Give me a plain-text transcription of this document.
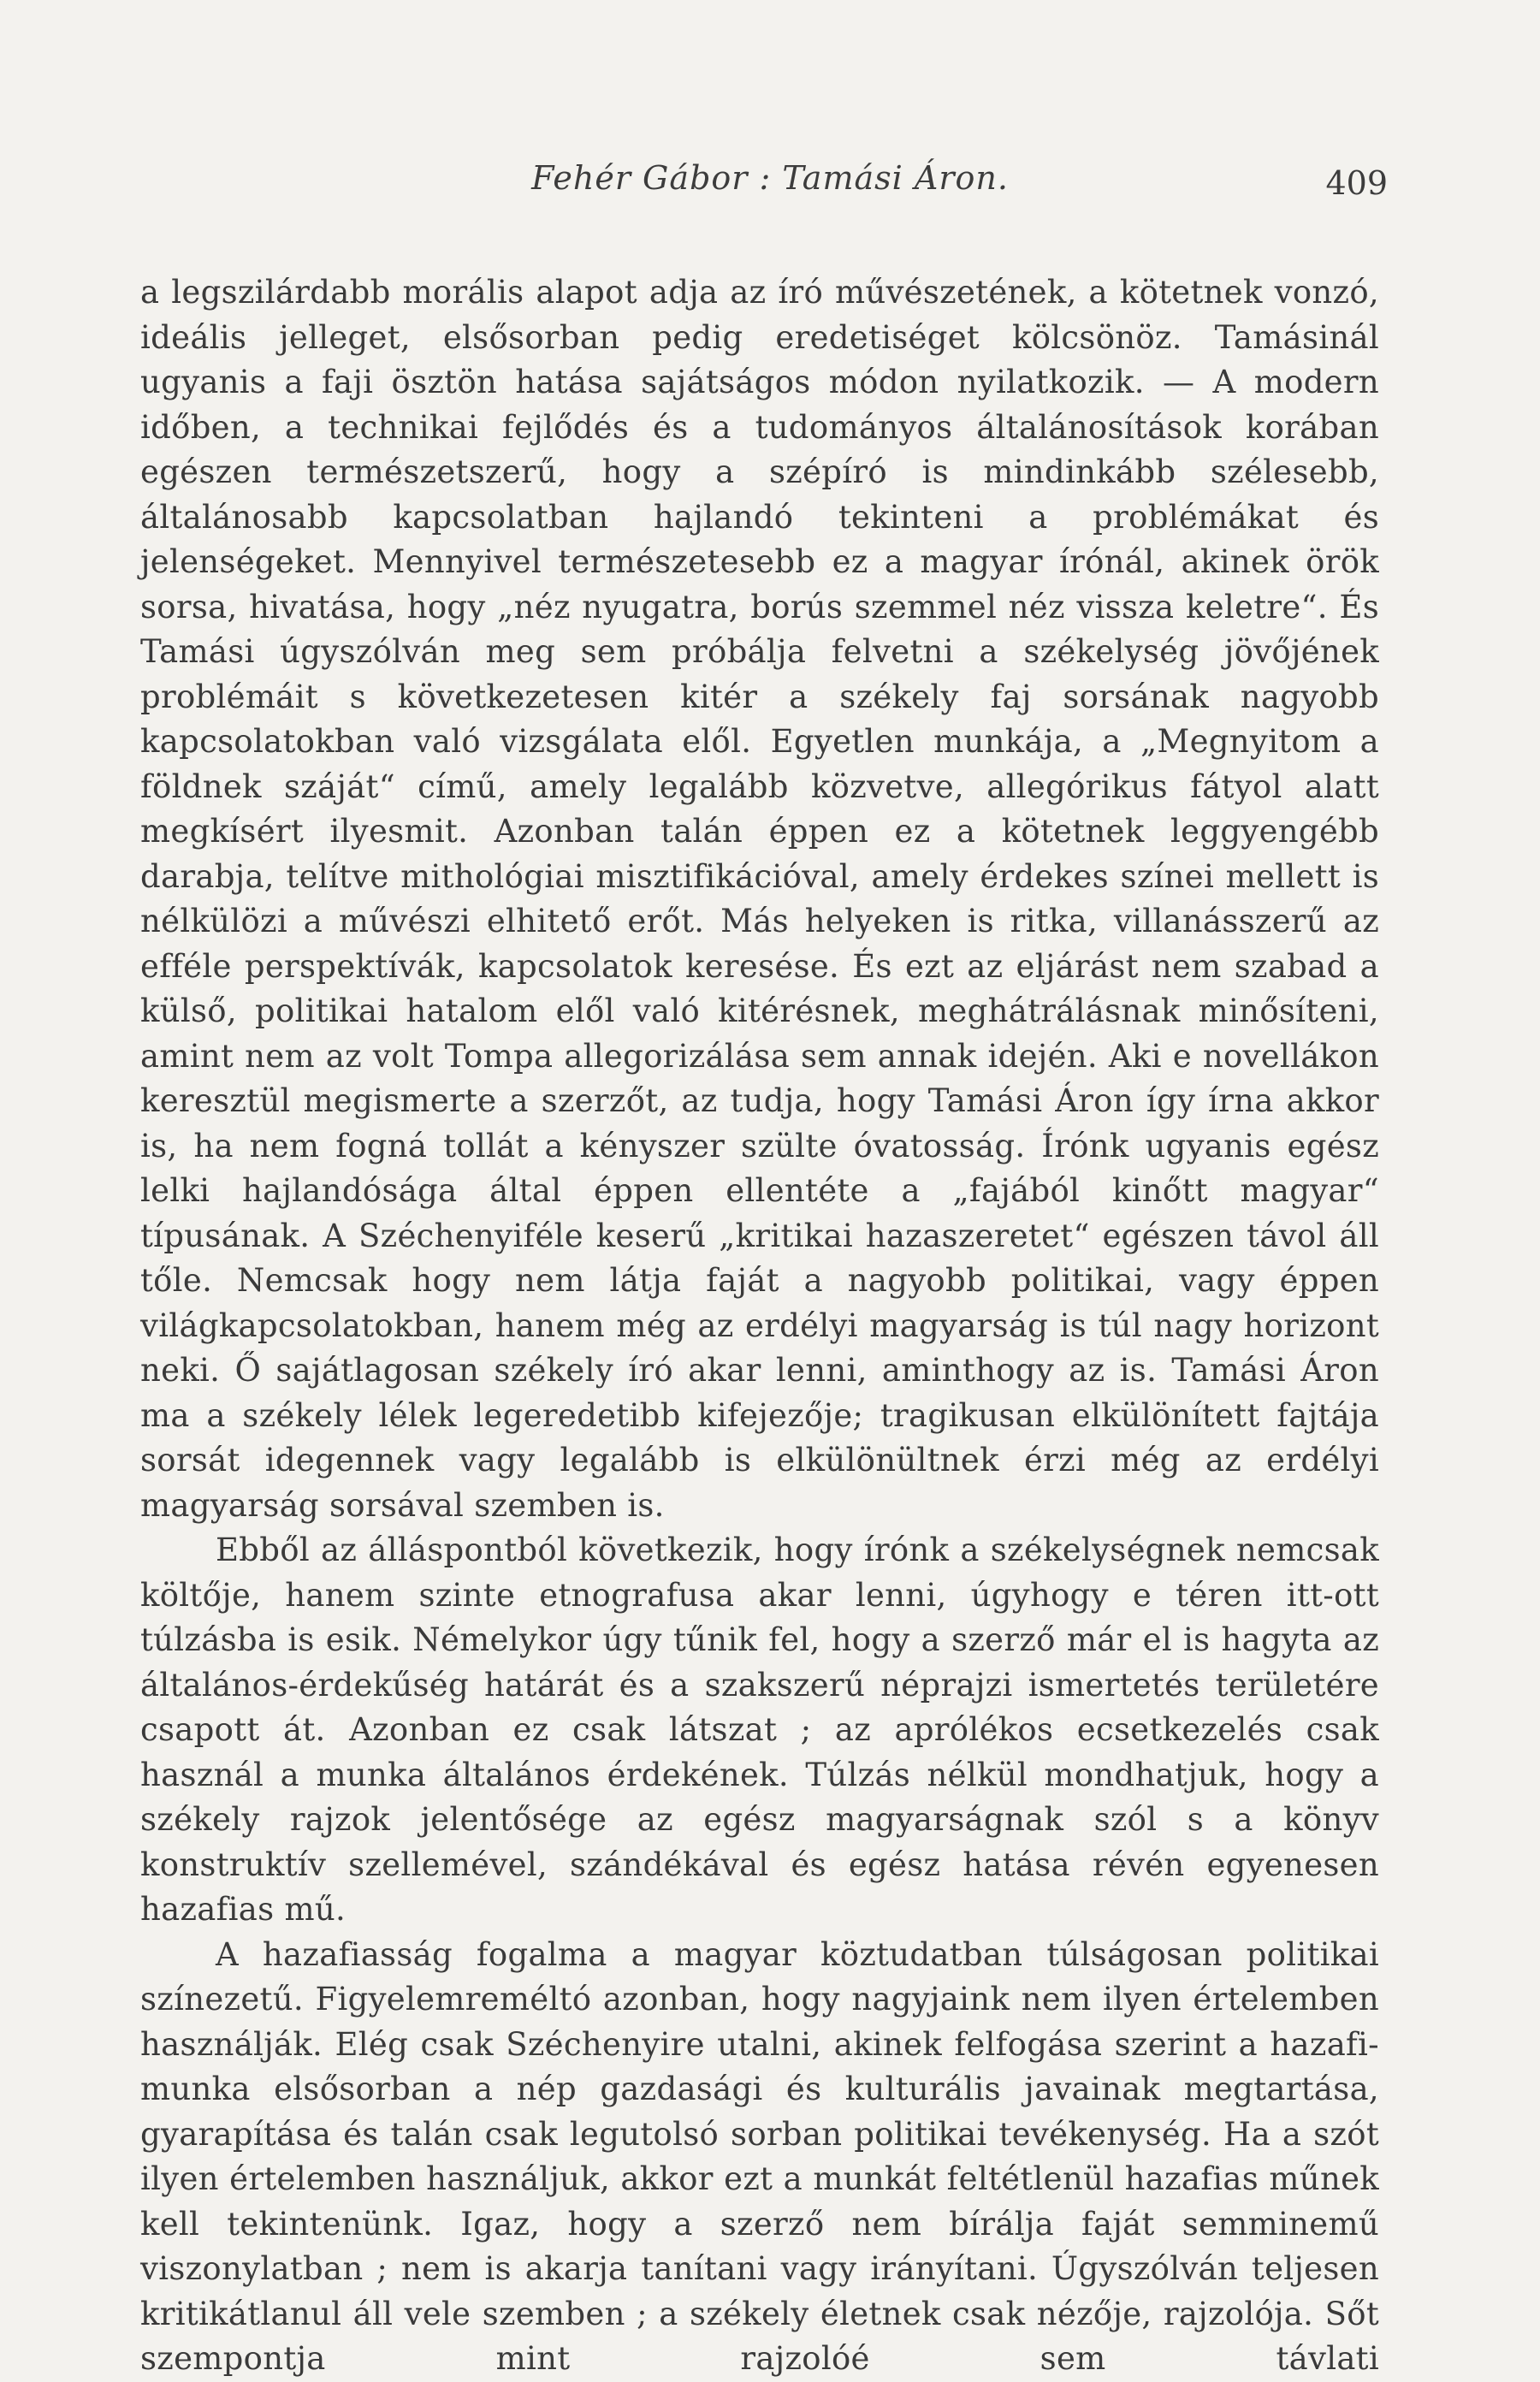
Fehér Gábor : Tamási Áron.	409

a legszilárdabb morális alapot adja az író művészetének, a kötetnek vonzó, ideális jelleget, elsősorban pedig eredetiséget kölcsönöz. Tamásinál ugyanis a faji ösztön hatása sajátságos módon nyilatkozik. — A modern időben, a technikai fejlődés és a tudományos általánosítások korában egészen természetszerű, hogy a szépíró is mindinkább szélesebb, általánosabb kapcsolatban hajlandó tekinteni a problémákat és jelenségeket. Mennyivel természetesebb ez a magyar írónál, akinek örök sorsa, hivatása, hogy „néz nyugatra, borús szemmel néz vissza keletre“. És Tamási úgyszólván meg sem próbálja felvetni a székelység jövőjének problémáit s következetesen kitér a székely faj sorsának nagyobb kapcsolatokban való vizsgálata elől. Egyetlen munkája, a „Megnyitom a földnek száját“ című, amely legalább közvetve, allegórikus fátyol alatt megkísért ilyesmit. Azonban talán éppen ez a kötetnek leggyengébb darabja, telítve mithológiai misztifikációval, amely érdekes színei mellett is nélkülözi a művészi elhitető erőt. Más helyeken is ritka, villanásszerű az efféle perspektívák, kapcsolatok keresése. És ezt az eljárást nem szabad a külső, politikai hatalom elől való kitérésnek, meghátrálásnak minősíteni, amint nem az volt Tompa allegorizálása sem annak idején. Aki e novellákon keresztül megismerte a szerzőt, az tudja, hogy Tamási Áron így írna akkor is, ha nem fogná tollát a kényszer szülte óvatosság. Írónk ugyanis egész lelki hajlandósága által éppen ellentéte a „fajából kinőtt magyar“ típusának. A Széchenyiféle keserű „kritikai hazaszeretet“ egészen távol áll tőle. Nemcsak hogy nem látja faját a nagyobb politikai, vagy éppen világkapcsolatokban, hanem még az erdélyi magyarság is túl nagy horizont neki. Ő sajátlagosan székely író akar lenni, aminthogy az is. Tamási Áron ma a székely lélek legeredetibb kifejezője; tragikusan elkülönített fajtája sorsát idegennek vagy legalább is elkülönültnek érzi még az erdélyi magyarság sorsával szemben is.

Ebből az álláspontból következik, hogy írónk a székelységnek nemcsak költője, hanem szinte etnografusa akar lenni, úgyhogy e téren itt-ott túlzásba is esik. Némelykor úgy tűnik fel, hogy a szerző már el is hagyta az általános-érdekűség határát és a szakszerű néprajzi ismertetés területére csapott át. Azonban ez csak látszat ; az aprólékos ecsetkezelés csak használ a munka általános érdekének. Túlzás nélkül mondhatjuk, hogy a székely rajzok jelentősége az egész magyarságnak szól s a könyv konstruktív szellemével, szándékával és egész hatása révén egyenesen hazafias mű.

A hazafiasság fogalma a magyar köztudatban túlságosan politikai színezetű. Figyelemreméltó azonban, hogy nagyjaink nem ilyen értelemben használják. Elég csak Széchenyire utalni, akinek felfogása szerint a hazafi-munka elsősorban a nép gazdasági és kulturális javainak megtartása, gyarapítása és talán csak legutolsó sorban politikai tevékenység. Ha a szót ilyen értelemben használjuk, akkor ezt a munkát feltétlenül hazafias műnek kell tekintenünk. Igaz, hogy a szerző nem bírálja faját semminemű viszonylatban ; nem is akarja tanítani vagy irányítani. Úgyszólván teljesen kritikátlanul áll vele szemben ; a székely életnek csak nézője, rajzolója. Sőt szempontja mint rajzolóé sem távlati
